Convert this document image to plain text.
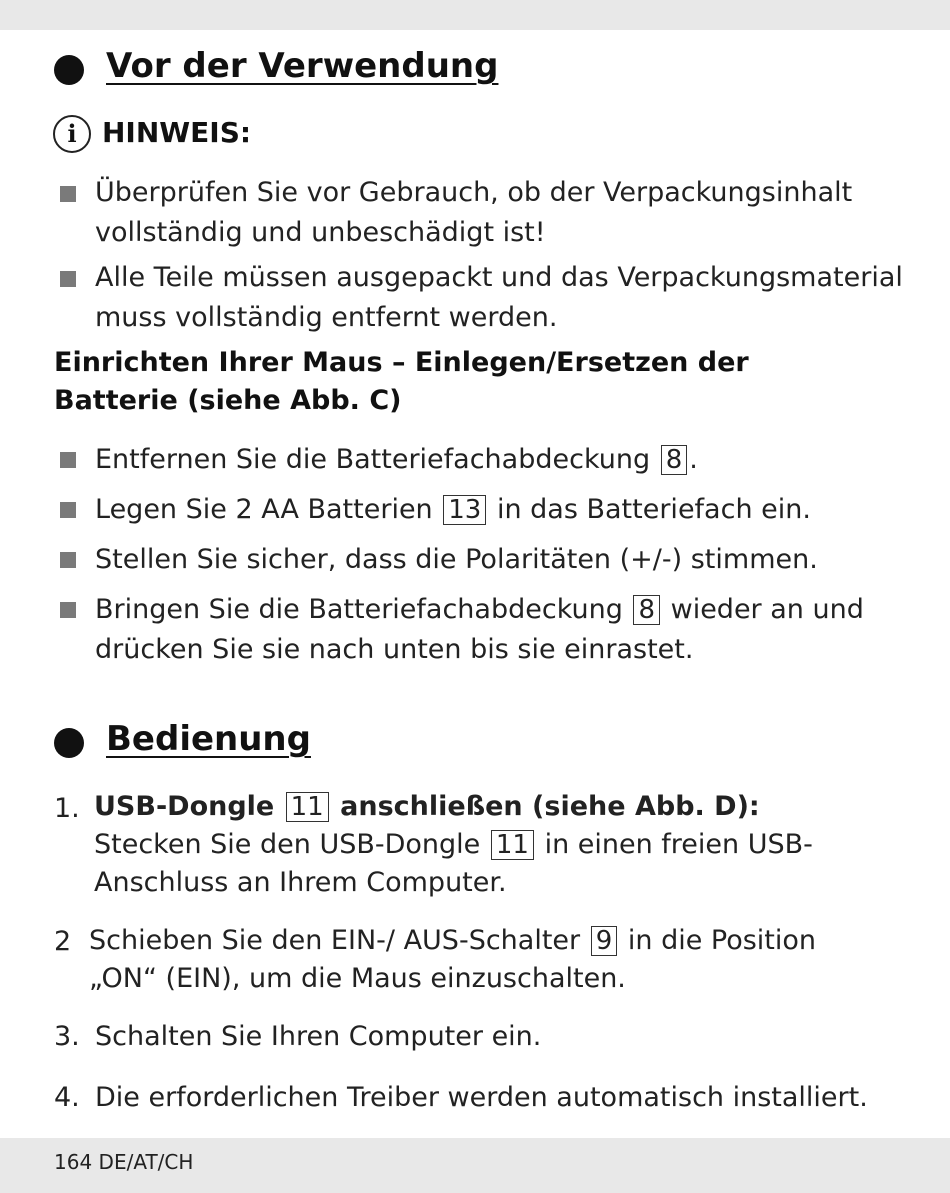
Vor der Verwendung
i HINWEIS:
Überprüfen Sie vor Gebrauch, ob der Verpackungsinhalt
vollständig und unbeschädigt ist!
Alle Teile müssen ausgepackt und das Verpackungsmaterial
muss vollständig entfernt werden.
Einrichten Ihrer Maus – Einlegen/Ersetzen der
Batterie (siehe Abb. C)
Entfernen Sie die Batteriefachabdeckung 8 .
Legen Sie 2 AA Batterien 13 in das Batteriefach ein.
Stellen Sie sicher, dass die Polaritäten (+/-) stimmen.
Bringen Sie die Batteriefachabdeckung 8 wieder an und
drücken Sie sie nach unten bis sie einrastet.
Bedienung
1. USB-Dongle 11 anschließen (siehe Abb. D):
Stecken Sie den USB-Dongle 11 in einen freien USB-
Anschluss an Ihrem Computer.
2 Schieben Sie den EIN-/ AUS-Schalter 9 in die Position
„ON“ (EIN), um die Maus einzuschalten.
3. Schalten Sie Ihren Computer ein.
4. Die erforderlichen Treiber werden automatisch installiert.
164 DE/AT/CH
